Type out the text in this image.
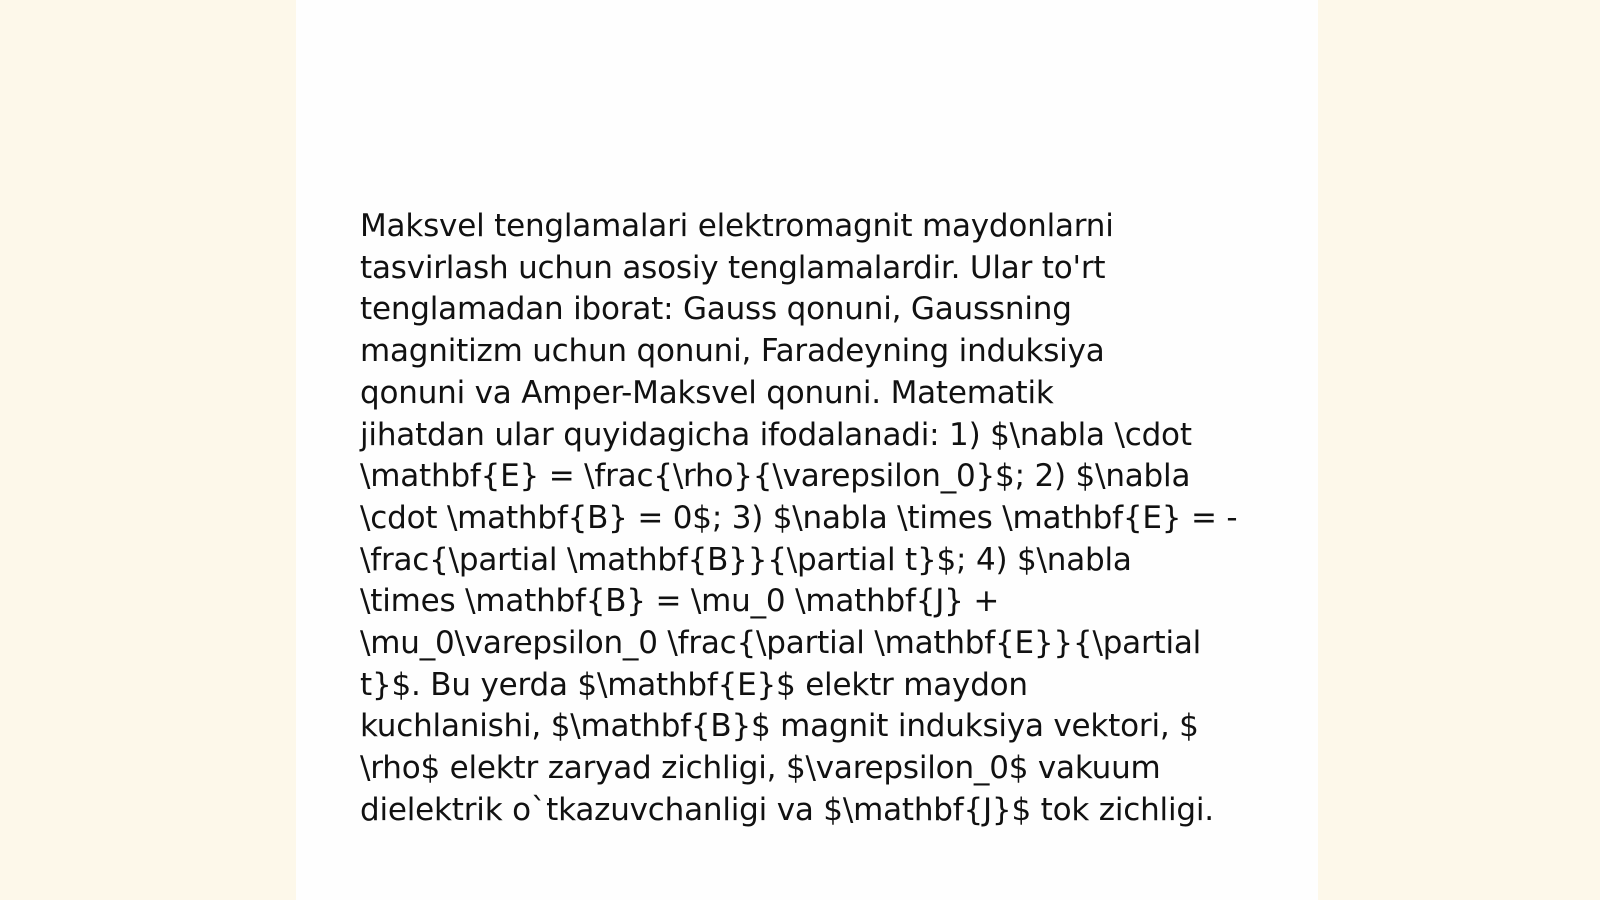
Maksvel tenglamalari elektromagnit maydonlarni
tasvirlash uchun asosiy tenglamalardir. Ular to'rt
tenglamadan iborat: Gauss qonuni, Gaussning
magnitizm uchun qonuni, Faradeyning induksiya
qonuni va Amper-Maksvel qonuni. Matematik
jihatdan ular quyidagicha ifodalanadi: 1) $\nabla \cdot
\mathbf{E} = \frac{\rho}{\varepsilon_0}$; 2) $\nabla
\cdot \mathbf{B} = 0$; 3) $\nabla \times \mathbf{E} = -
\frac{\partial \mathbf{B}}{\partial t}$; 4) $\nabla
\times \mathbf{B} = \mu_0 \mathbf{J} +
\mu_0\varepsilon_0 \frac{\partial \mathbf{E}}{\partial
t}$. Bu yerda $\mathbf{E}$ elektr maydon
kuchlanishi, $\mathbf{B}$ magnit induksiya vektori, $
\rho$ elektr zaryad zichligi, $\varepsilon_0$ vakuum
dielektrik o`tkazuvchanligi va $\mathbf{J}$ tok zichligi.
